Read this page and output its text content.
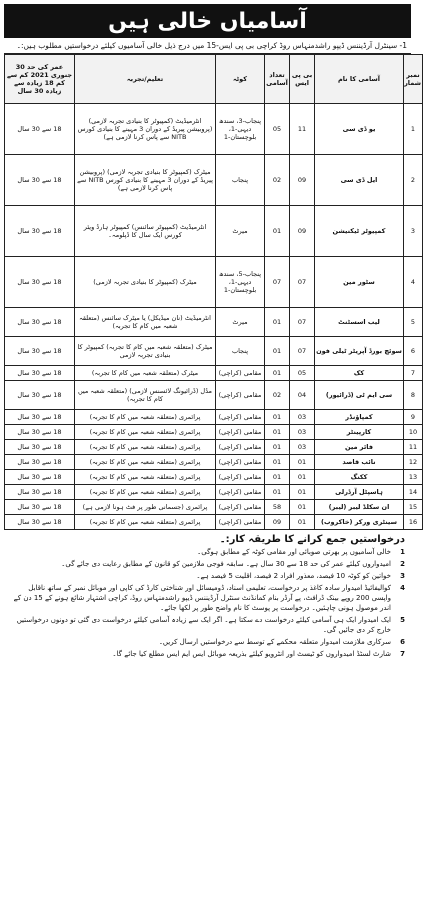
آسامیاں خالی ہیں
1- سینٹرل آرڈیننس ڈیپو راشدمنہاس روڈ کراچی بی پی ایس-15 میں درج ذیل خالی آسامیوں کیلئے درخواستیں مطلوب ہیں:۔
نمبر شمار	آسامی کا نام	بی پی ایس	تعداد آسامی	کوٹہ	تعلیم/تجربہ	عمر کی حد 30 جنوری 2021 کم سے کم 18 زیادہ سے زیادہ 30 سال
1	یو ڈی سی	11	05	پنجاب-3، سندھ دیہی-1، بلوچستان-1	انٹرمیڈیٹ (کمپیوٹر کا بنیادی تجربہ لازمی) (پروبیشن پیریڈ کے دوران 3 مہینے کا بنیادی کورس NITB سے پاس کرنا لازمی ہے)	18 سے 30 سال
2	ایل ڈی سی	09	02	پنجاب	میٹرک (کمپیوٹر کا بنیادی تجربہ لازمی) (پروبیشن پیریڈ کے دوران 3 مہینے کا بنیادی کورس NITB سے پاس کرنا لازمی ہے)	18 سے 30 سال
3	کمپیوٹر ٹیکنیشن	09	01	میرٹ	انٹرمیڈیٹ (کمپیوٹر سائنس) کمپیوٹر ہارڈ ویئر کورس ایک سال کا ڈپلومہ۔	18 سے 30 سال
4	سٹور مین	07	07	پنجاب-5، سندھ دیہی-1، بلوچستان-1	میٹرک (کمپیوٹر کا بنیادی تجربہ لازمی)	18 سے 30 سال
5	لیب اسسٹنٹ	07	01	میرٹ	انٹرمیڈیٹ (نان میڈیکل) یا میٹرک سائنس (متعلقہ شعبہ میں کام کا تجربہ)	18 سے 30 سال
6	سوئچ بورڈ آپریٹر ٹیلی فون	07	01	پنجاب	میٹرک (متعلقہ شعبہ میں کام کا تجربہ) کمپیوٹر کا بنیادی تجربہ لازمی	18 سے 30 سال
7	کک	05	01	مقامی (کراچی)	میٹرک (متعلقہ شعبہ میں کام کا تجربہ)	18 سے 30 سال
8	سی ایم ٹی (ڈرائیور)	04	02	مقامی (کراچی)	مڈل (ڈرائیونگ لائسنس لازمی) (متعلقہ شعبہ میں کام کا تجربہ)	18 سے 30 سال
9	کمپاؤنڈر	03	01	مقامی (کراچی)	پرائمری (متعلقہ شعبہ میں کام کا تجربہ)	18 سے 30 سال
10	کارپینٹر	03	01	مقامی (کراچی)	پرائمری (متعلقہ شعبہ میں کام کا تجربہ)	18 سے 30 سال
11	فائر مین	03	01	مقامی (کراچی)	پرائمری (متعلقہ شعبہ میں کام کا تجربہ)	18 سے 30 سال
12	نائب قاصد	01	01	مقامی (کراچی)	پرائمری (متعلقہ شعبہ میں کام کا تجربہ)	18 سے 30 سال
13	ککنگ	01	01	مقامی (کراچی)	پرائمری (متعلقہ شعبہ میں کام کا تجربہ)	18 سے 30 سال
14	ہاسپٹل آرڈرلی	01	01	مقامی (کراچی)	پرائمری (متعلقہ شعبہ میں کام کا تجربہ)	18 سے 30 سال
15	ان سکلڈ لیبر (لیبر)	01	58	مقامی (کراچی)	پرائمری (جسمانی طور پر فٹ ہونا لازمی ہے)	18 سے 30 سال
16	سینٹری ورکر (خاکروب)	01	09	مقامی (کراچی)	پرائمری (متعلقہ شعبہ میں کام کا تجربہ)	18 سے 30 سال
درخواستیں جمع کرانے کا طریقہ کار:۔
1
خالی آسامیوں پر بھرتی صوبائی اور مقامی کوٹہ کے مطابق ہوگی۔
2
امیدواروں کیلئے عمر کی حد 18 سے 30 سال ہے۔ سابقہ فوجی ملازمین کو قانون کے مطابق رعایت دی جائے گی۔
3
خواتین کو کوٹہ 10 فیصد، معذور افراد 2 فیصد، اقلیت 5 فیصد ہے۔
4
کوالیفائیڈ امیدوار سادہ کاغذ پر درخواست، تعلیمی اسناد، ڈومیسائل اور شناختی کارڈ کی کاپی اور موبائل نمبر کے ساتھ ناقابل واپسی 200 روپے بینک ڈرافٹ، پے آرڈر بنام کمانڈنٹ سنٹرل آرڈیننس ڈیپو راشدمنہاس روڈ، کراچی اشتہار شائع ہونے کے 15 دن کے اندر موصول ہونی چاہئیں۔ درخواست پر پوسٹ کا نام واضح طور پر لکھا جائے۔
5
ایک امیدوار ایک ہی آسامی کیلئے درخواست دے سکتا ہے۔ اگر ایک سے زیادہ آسامی کیلئے درخواست دی گئی تو دونوں درخواستیں خارج کر دی جائیں گی۔
6
سرکاری ملازمت امیدوار متعلقہ محکمے کے توسط سے درخواستیں ارسال کریں۔
7
شارٹ لسٹڈ امیدواروں کو ٹیسٹ اور انٹرویو کیلئے بذریعہ موبائل ایس ایم ایس مطلع کیا جائے گا۔
